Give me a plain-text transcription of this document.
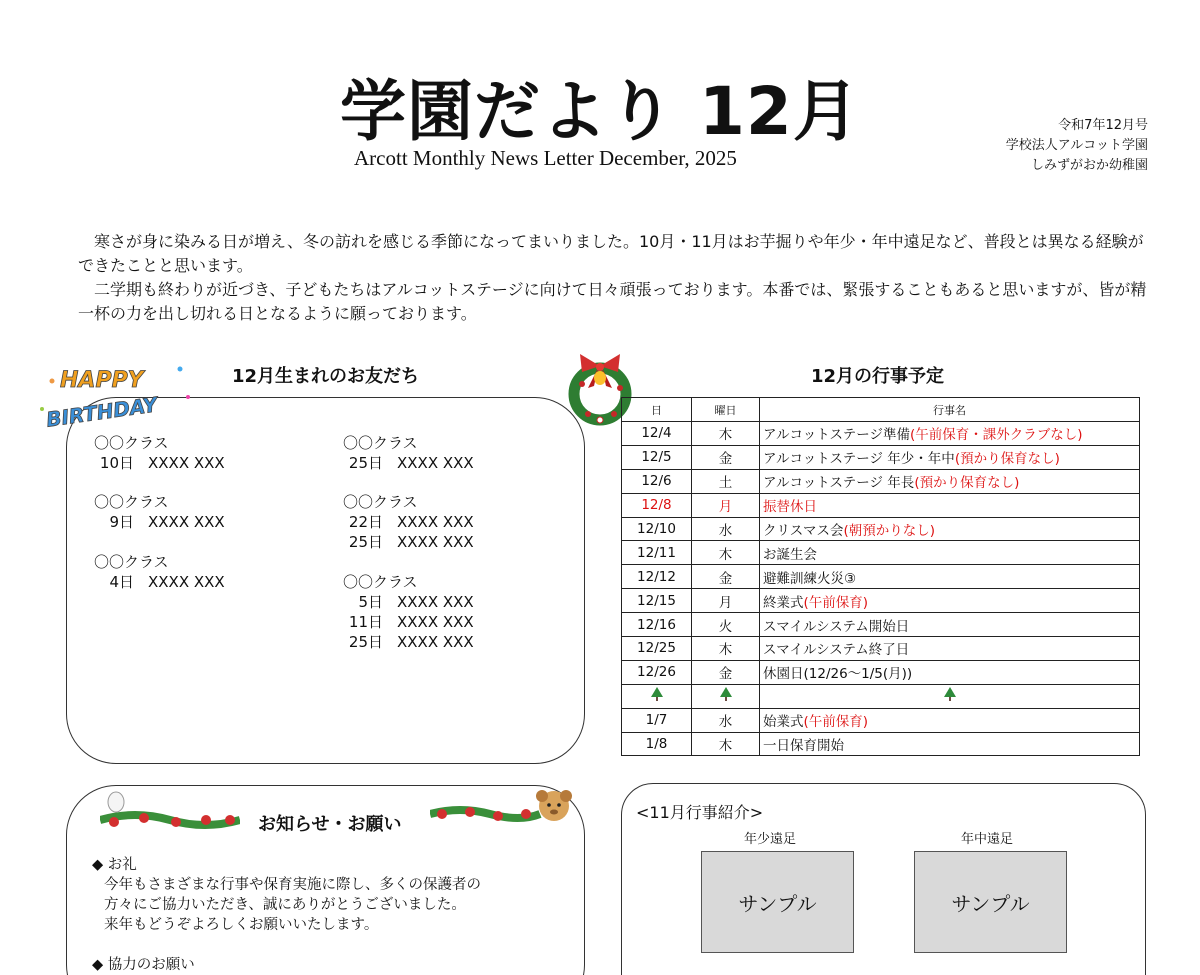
学園だより 12月
Arcott Monthly News Letter December, 2025
令和7年12月号
学校法人アルコット学園
しみずがおか幼稚園

寒さが身に染みる日が増え、冬の訪れを感じる季節になってまいりました。10月・11月はお芋掘りや年少・年中遠足など、普段とは異なる経験ができたことと思います。

二学期も終わりが近づき、子どもたちはアルコットステージに向けて日々頑張っております。本番では、緊張することもあると思いますが、皆が精一杯の力を出し切れる日となるように願っております。

HAPPY
BIRTHDAY
12月生まれのお友だち
〇〇クラス
10日 XXXX XXX
〇〇クラス
9日 XXXX XXX
〇〇クラス
4日 XXXX XXX
〇〇クラス
25日 XXXX XXX
〇〇クラス
22日 XXXX XXX
25日 XXXX XXX
〇〇クラス
5日 XXXX XXX
11日 XXXX XXX
25日 XXXX XXX
12月の行事予定
日	曜日	行事名
12/4	木	アルコットステージ準備(午前保育・課外クラブなし)
12/5	金	アルコットステージ 年少・年中(預かり保育なし)
12/6	土	アルコットステージ 年長(預かり保育なし)
12/8	月	振替休日
12/10	水	クリスマス会(朝預かりなし)
12/11	木	お誕生会
12/12	金	避難訓練火災③
12/15	月	終業式(午前保育)
12/16	火	スマイルシステム開始日
12/25	木	スマイルシステム終了日
12/26	金	休園日(12/26〜1/5(月))

1/7	水	始業式(午前保育)
1/8	木	一日保育開始
お知らせ・お願い
◆ お礼
今年もさまざまな行事や保育実施に際し、多くの保護者の
方々にご協力いただき、誠にありがとうございました。
来年もどうぞよろしくお願いいたします。
◆ 協力のお願い
<11月行事紹介>
年少遠足
サンプル
年中遠足
サンプル
